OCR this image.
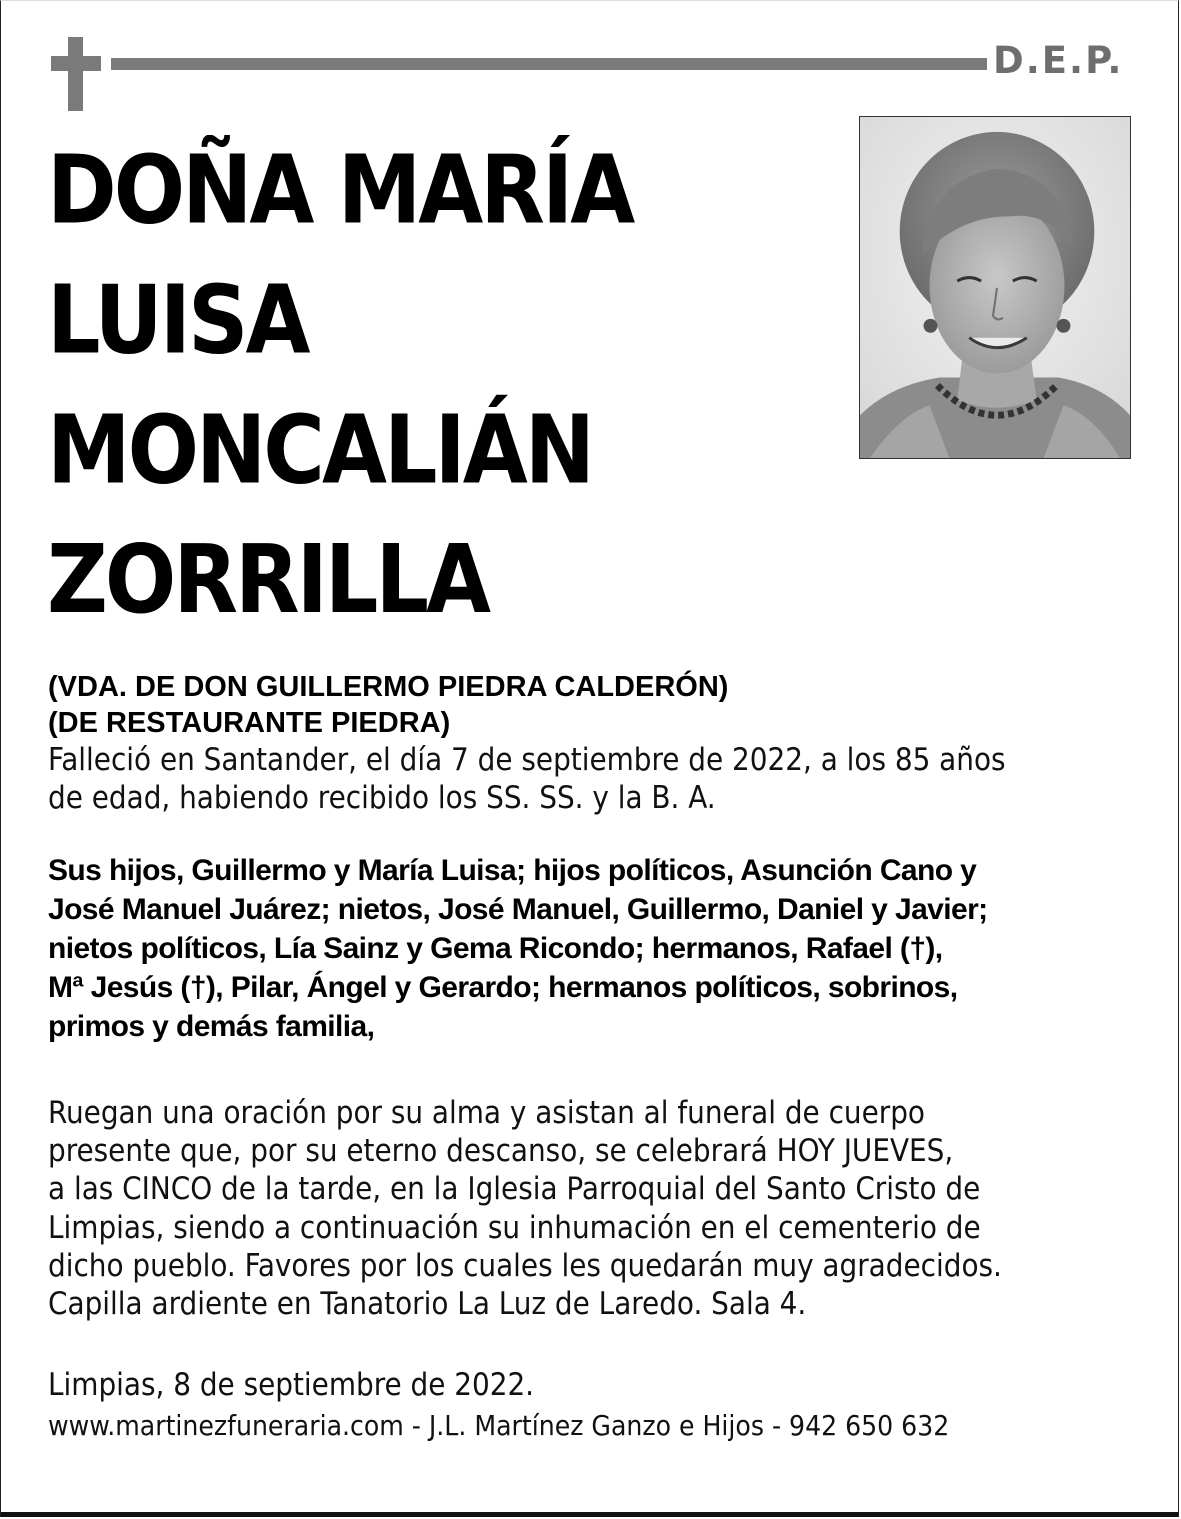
D.E.P.
DOÑA MARÍA
LUISA
MONCALIÁN
ZORRILLA
(VDA. DE DON GUILLERMO PIEDRA CALDERÓN)
(DE RESTAURANTE PIEDRA)
Falleció en Santander, el día 7 de septiembre de 2022, a los 85 años
de edad, habiendo recibido los SS. SS. y la B. A.
Sus hijos, Guillermo y María Luisa; hijos políticos, Asunción Cano y
José Manuel Juárez; nietos, José Manuel, Guillermo, Daniel y Javier;
nietos políticos, Lía Sainz y Gema Ricondo; hermanos, Rafael (†),
Mª Jesús (†), Pilar, Ángel y Gerardo; hermanos políticos, sobrinos,
primos y demás familia,
Ruegan una oración por su alma y asistan al funeral de cuerpo
presente que, por su eterno descanso, se celebrará HOY JUEVES,
a las CINCO de la tarde, en la Iglesia Parroquial del Santo Cristo de
Limpias, siendo a continuación su inhumación en el cementerio de
dicho pueblo. Favores por los cuales les quedarán muy agradecidos.
Capilla ardiente en Tanatorio La Luz de Laredo. Sala 4.
Limpias, 8 de septiembre de 2022.
www.martinezfuneraria.com - J.L. Martínez Ganzo e Hijos - 942 650 632
